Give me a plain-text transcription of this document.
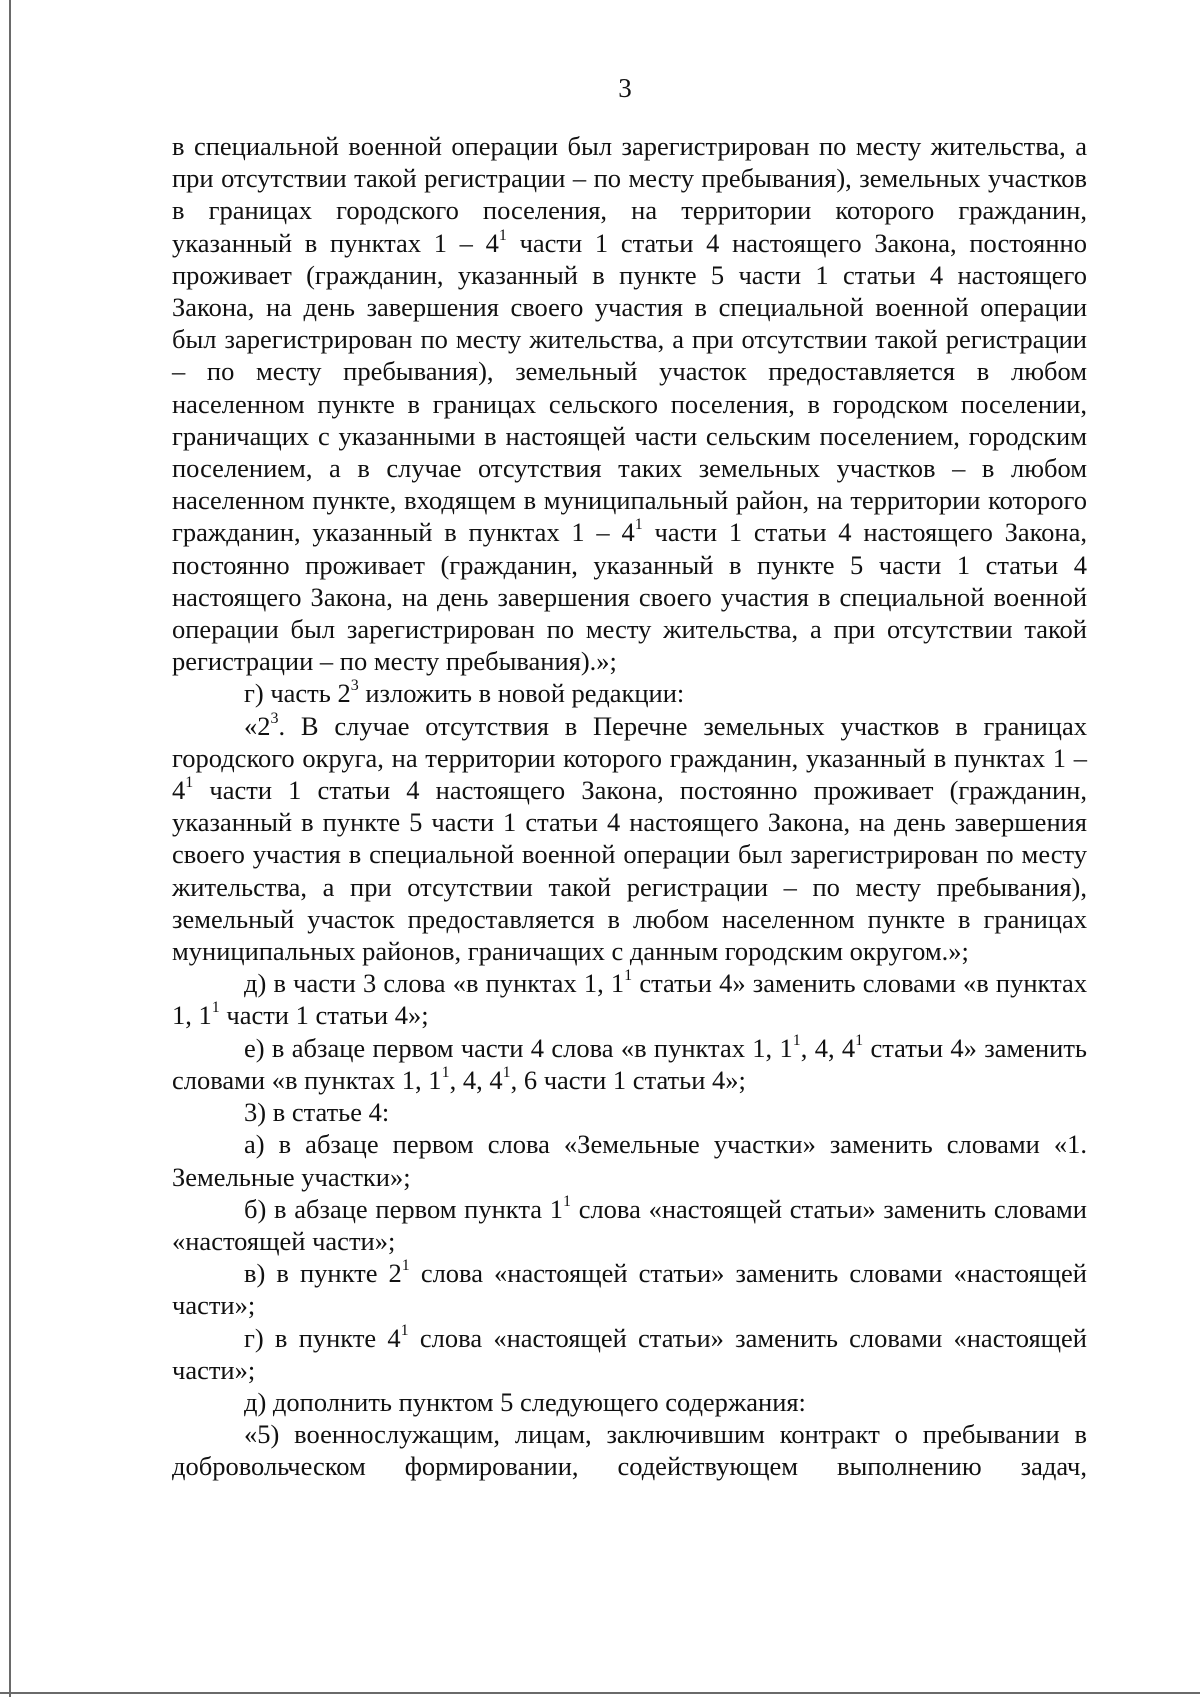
3

в специальной военной операции был зарегистрирован по месту жительства, а при отсутствии такой регистрации – по месту пребывания), земельных участков в границах городского поселения, на территории которого гражданин, указанный в пунктах $1 - 4^1$ части 1 статьи 4 настоящего Закона, постоянно проживает (гражданин, указанный в пункте 5 части 1 статьи 4 настоящего Закона, на день завершения своего участия в специальной военной операции был зарегистрирован по месту жительства, а при отсутствии такой регистрации – по месту пребывания), земельный участок предоставляется в любом населенном пункте в границах сельского поселения, в городском поселении, граничащих с указанными в настоящей части сельским поселением, городским поселением, а в случае отсутствия таких земельных участков – в любом населенном пункте, входящем в муниципальный район, на территории которого гражданин, указанный в пунктах $1 - 4^1$ части 1 статьи 4 настоящего Закона, постоянно проживает (гражданин, указанный в пункте 5 части 1 статьи 4 настоящего Закона, на день завершения своего участия в специальной военной операции был зарегистрирован по месту жительства, а при отсутствии такой регистрации – по месту пребывания).»;

г) часть $2^3$ изложить в новой редакции:

«$2^3$. В случае отсутствия в Перечне земельных участков в границах городского округа, на территории которого гражданин, указанный в пунктах $1 - 4^1$ части 1 статьи 4 настоящего Закона, постоянно проживает (гражданин, указанный в пункте 5 части 1 статьи 4 настоящего Закона, на день завершения своего участия в специальной военной операции был зарегистрирован по месту жительства, а при отсутствии такой регистрации – по месту пребывания), земельный участок предоставляется в любом населенном пункте в границах муниципальных районов, граничащих с данным городским округом.»;

д) в части 3 слова «в пунктах 1, $1^1$ статьи 4» заменить словами «в пунктах 1, $1^1$ части 1 статьи 4»;

е) в абзаце первом части 4 слова «в пунктах 1, $1^1$, 4, $4^1$ статьи 4» заменить словами «в пунктах 1, $1^1$, 4, $4^1$, 6 части 1 статьи 4»;

3) в статье 4:

а) в абзаце первом слова «Земельные участки» заменить словами «1. Земельные участки»;

б) в абзаце первом пункта $1^1$ слова «настоящей статьи» заменить словами «настоящей части»;

в) в пункте $2^1$ слова «настоящей статьи» заменить словами «настоящей части»;

г) в пункте $4^1$ слова «настоящей статьи» заменить словами «настоящей части»;

д) дополнить пунктом 5 следующего содержания:

«5) военнослужащим, лицам, заключившим контракт о пребывании в добровольческом формировании, содействующем выполнению задач,
